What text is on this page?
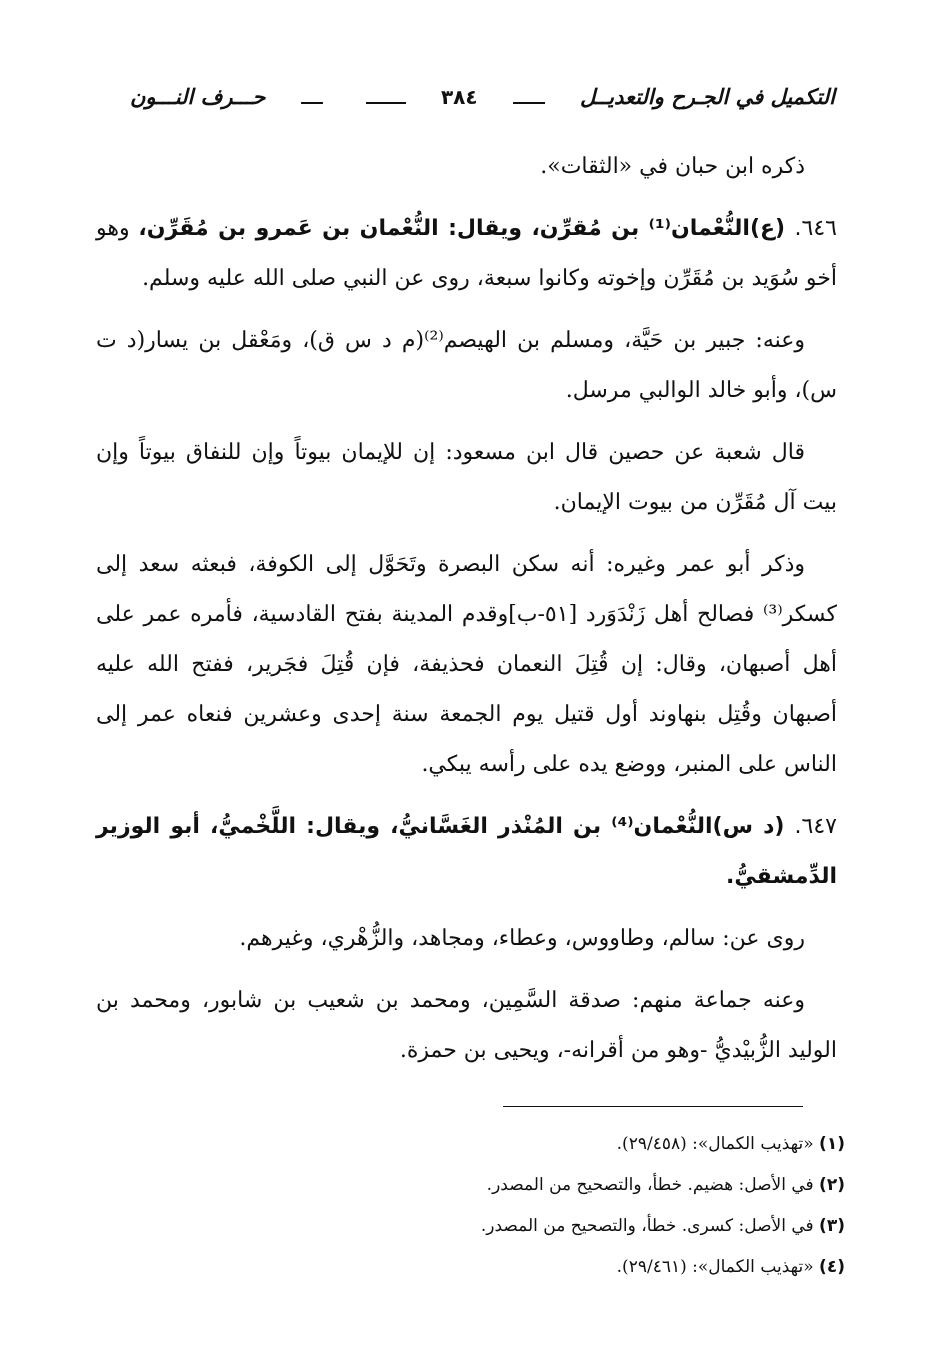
التكميل في الجـرح والتعديــل
٣٨٤
حـــرف النـــون

ذكره ابن حبان في «الثقات».

٦٤٦. (ع)النُّعْمان⁽¹⁾ بن مُقرِّن، ويقال: النُّعْمان بن عَمرو بن مُقَرِّن، وهو أخو سُوَيد بن مُقَرِّن وإخوته وكانوا سبعة، روى عن النبي صلى الله عليه وسلم.

وعنه: جبير بن حَيَّة، ومسلم بن الهيصم⁽²⁾(م د س ق)، ومَعْقل بن يسار(د ت س)، وأبو خالد الوالبي مرسل.

قال شعبة عن حصين قال ابن مسعود: إن للإيمان بيوتاً وإن للنفاق بيوتاً وإن بيت آل مُقَرِّن من بيوت الإيمان.

وذكر أبو عمر وغيره: أنه سكن البصرة وتَحَوَّل إلى الكوفة، فبعثه سعد إلى كسكر⁽³⁾ فصالح أهل زَنْدَوَرد [٥١-ب]وقدم المدينة بفتح القادسية، فأمره عمر على أهل أصبهان، وقال: إن قُتِلَ النعمان فحذيفة، فإن قُتِلَ فجَرير، ففتح الله عليه أصبهان وقُتِل بنهاوند أول قتيل يوم الجمعة سنة إحدى وعشرين فنعاه عمر إلى الناس على المنبر، ووضع يده على رأسه يبكي.

٦٤٧. (د س)النُّعْمان⁽⁴⁾ بن المُنْذر الغَسَّانيُّ، ويقال: اللَّخْميُّ، أبو الوزير الدِّمشقيُّ.

روى عن: سالم، وطاووس، وعطاء، ومجاهد، والزُّهْري، وغيرهم.

وعنه جماعة منهم: صدقة السَّمِين، ومحمد بن شعيب بن شابور، ومحمد بن الوليد الزُّبيْديُّ -وهو من أقرانه-، ويحيى بن حمزة.

(١) «تهذيب الكمال»: (٢٩/٤٥٨).
(٢) في الأصل: هضيم. خطأ، والتصحيح من المصدر.
(٣) في الأصل: كسرى. خطأ، والتصحيح من المصدر.
(٤) «تهذيب الكمال»: (٢٩/٤٦١).
